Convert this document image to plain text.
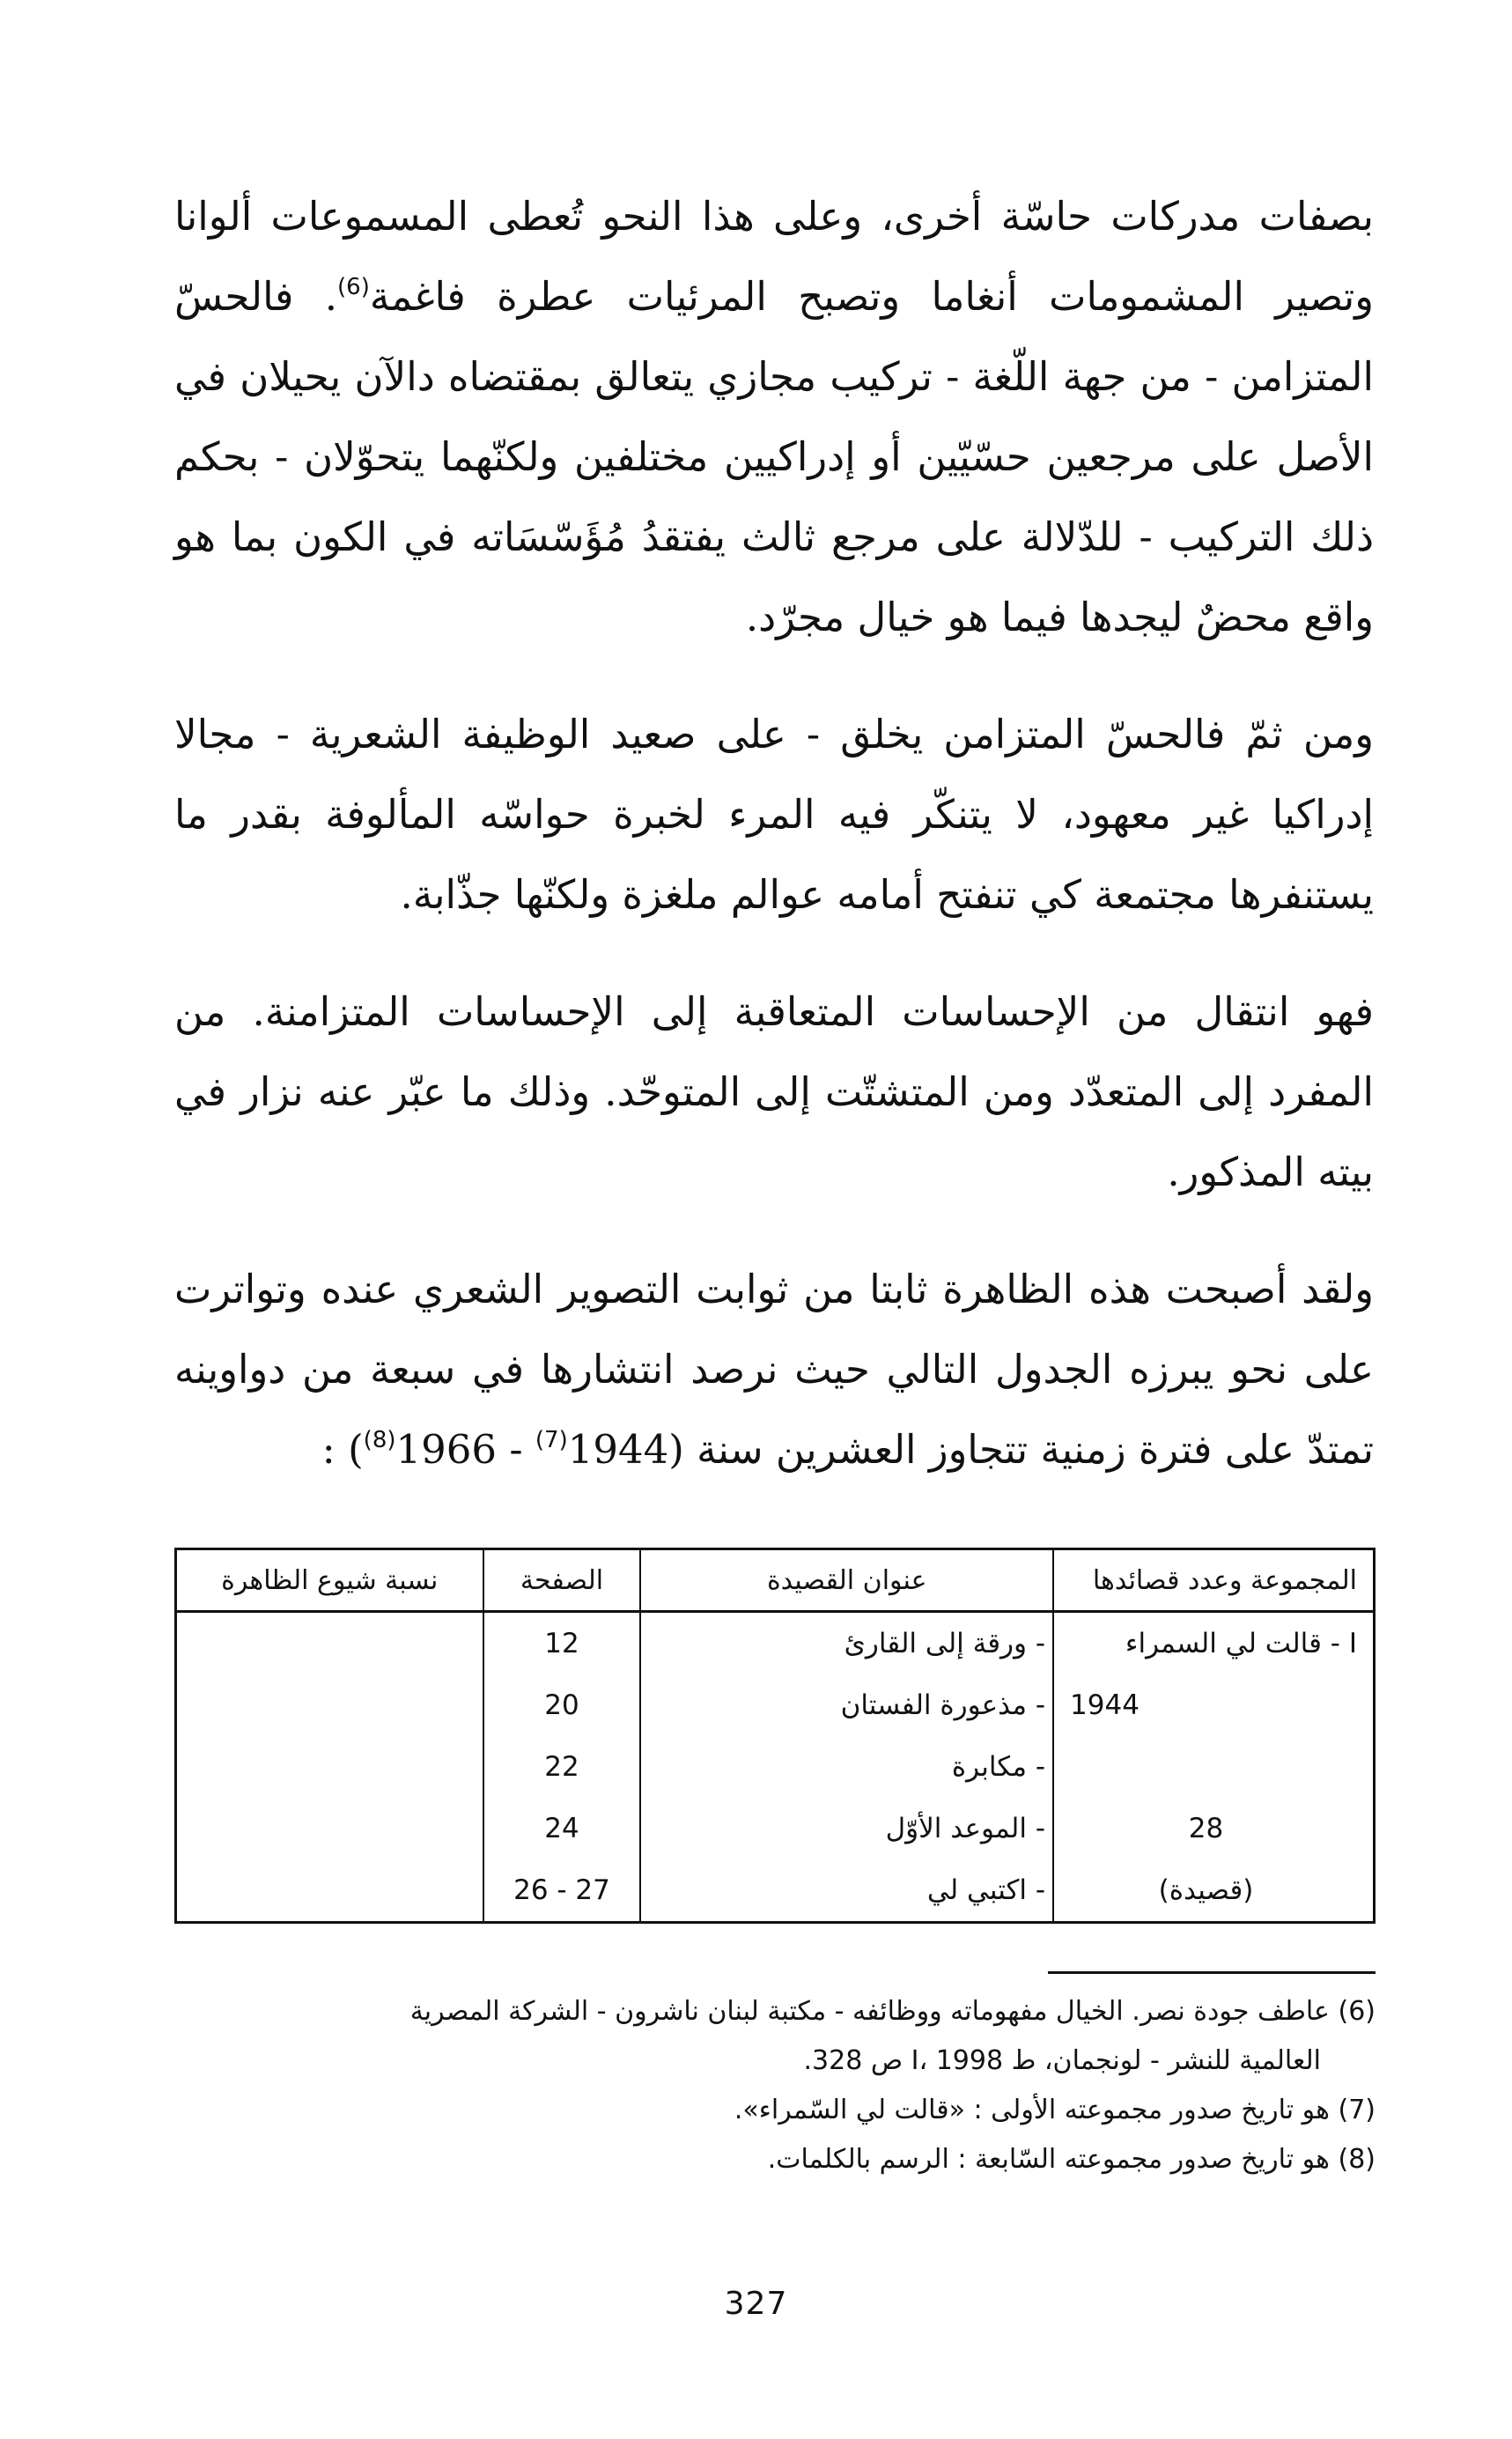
بصفات مدركات حاسّة أخرى، وعلى هذا النحو تُعطى المسموعات ألوانا وتصير المشمومات أنغاما وتصبح المرئيات عطرة فاغمة$^{(6)}$. فالحسّ المتزامن - من جهة اللّغة - تركيب مجازي يتعالق بمقتضاه دالآن يحيلان في الأصل على مرجعين حسّيّين أو إدراكيين مختلفين ولكنّهما يتحوّلان - بحكم ذلك التركيب - للدّلالة على مرجع ثالث يفتقدُ مُؤَسّسَاته في الكون بما هو واقع محضٌ ليجدها فيما هو خيال مجرّد.

ومن ثمّ فالحسّ المتزامن يخلق - على صعيد الوظيفة الشعرية - مجالا إدراكيا غير معهود، لا يتنكّر فيه المرء لخبرة حواسّه المألوفة بقدر ما يستنفرها مجتمعة كي تنفتح أمامه عوالم ملغزة ولكنّها جذّابة.

فهو انتقال من الإحساسات المتعاقبة إلى الإحساسات المتزامنة. من المفرد إلى المتعدّد ومن المتشتّت إلى المتوحّد. وذلك ما عبّر عنه نزار في بيته المذكور.

ولقد أصبحت هذه الظاهرة ثابتا من ثوابت التصوير الشعري عنده وتواترت على نحو يبرزه الجدول التالي حيث نرصد انتشارها في سبعة من دواوينه تمتدّ على فترة زمنية تتجاوز العشرين سنة (1944$^{(7)}$ - 1966$^{(8)}$) :

المجموعة وعدد قصائدها	عنوان القصيدة	الصفحة	نسبة شيوع الظاهرة
I - قالت لي السمراء	- ورقة إلى القارئ	12	
1944	- مذعورة الفستان	20	
	- مكابرة	22	
28	- الموعد الأوّل	24	
(قصيدة)	- اكتبي لي	26 - 27	

(6) عاطف جودة نصر. الخيال مفهوماته ووظائفه - مكتبة لبنان ناشرون - الشركة المصرية
العالمية للنشر - لونجمان، ط I، 1998 ص 328.

(7) هو تاريخ صدور مجموعته الأولى : «قالت لي السّمراء».

(8) هو تاريخ صدور مجموعته السّابعة : الرسم بالكلمات.

327
